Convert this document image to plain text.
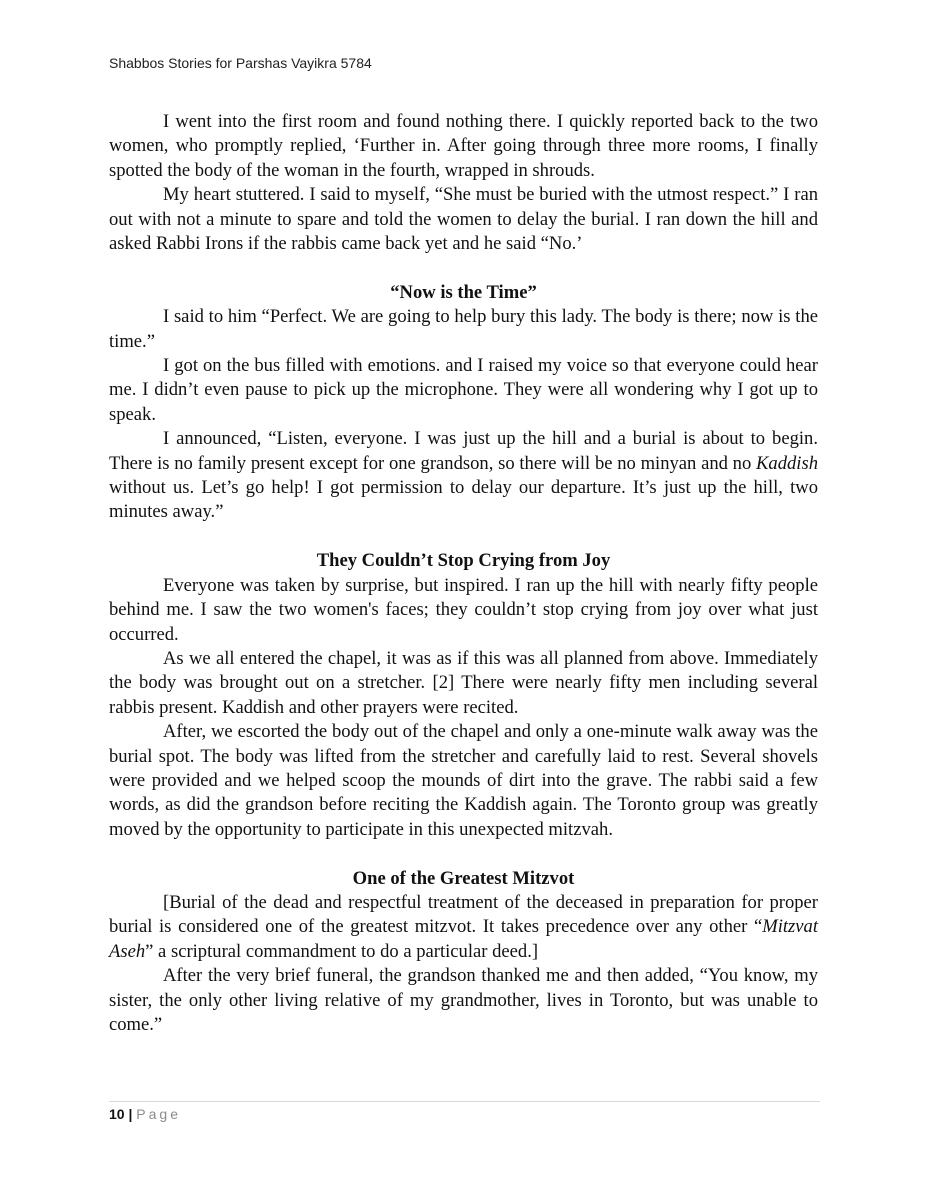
Shabbos Stories for Parshas Vayikra 5784

I went into the first room and found nothing there. I quickly reported back to the two women, who promptly replied, ‘Further in. After going through three more rooms, I finally spotted the body of the woman in the fourth, wrapped in shrouds.

My heart stuttered. I said to myself, “She must be buried with the utmost respect.” I ran out with not a minute to spare and told the women to delay the burial. I ran down the hill and asked Rabbi Irons if the rabbis came back yet and he said “No.’

“Now is the Time”

I said to him “Perfect. We are going to help bury this lady. The body is there; now is the time.”

I got on the bus filled with emotions. and I raised my voice so that everyone could hear me. I didn’t even pause to pick up the microphone. They were all wondering why I got up to speak.

I announced, “Listen, everyone. I was just up the hill and a burial is about to begin. There is no family present except for one grandson, so there will be no minyan and no Kaddish without us. Let’s go help! I got permission to delay our departure. It’s just up the hill, two minutes away.”

They Couldn’t Stop Crying from Joy

Everyone was taken by surprise, but inspired. I ran up the hill with nearly fifty people behind me. I saw the two women's faces; they couldn’t stop crying from joy over what just occurred.

As we all entered the chapel, it was as if this was all planned from above. Immediately the body was brought out on a stretcher. [2] There were nearly fifty men including several rabbis present. Kaddish and other prayers were recited.

After, we escorted the body out of the chapel and only a one-minute walk away was the burial spot. The body was lifted from the stretcher and carefully laid to rest. Several shovels were provided and we helped scoop the mounds of dirt into the grave. The rabbi said a few words, as did the grandson before reciting the Kaddish again. The Toronto group was greatly moved by the opportunity to participate in this unexpected mitzvah.

One of the Greatest Mitzvot

[Burial of the dead and respectful treatment of the deceased in preparation for proper burial is considered one of the greatest mitzvot. It takes precedence over any other “Mitzvat Aseh” a scriptural commandment to do a particular deed.]

After the very brief funeral, the grandson thanked me and then added, “You know, my sister, the only other living relative of my grandmother, lives in Toronto, but was unable to come.”

10 | Page
